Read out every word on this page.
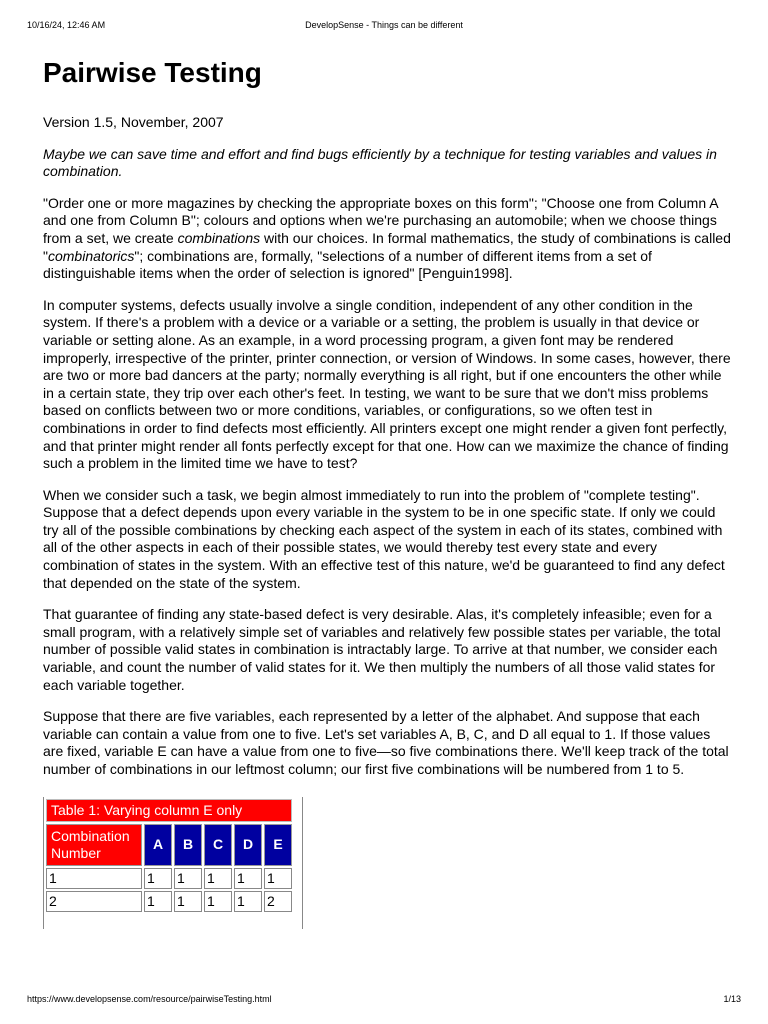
10/16/24, 12:46 AM	DevelopSense - Things can be different
Pairwise Testing

Version 1.5, November, 2007

Maybe we can save time and effort and find bugs efficiently by a technique for testing variables and values in combination.

"Order one or more magazines by checking the appropriate boxes on this form"; "Choose one from Column A and one from Column B"; colours and options when we're purchasing an automobile; when we choose things from a set, we create combinations with our choices. In formal mathematics, the study of combinations is called "combinatorics"; combinations are, formally, "selections of a number of different items from a set of distinguishable items when the order of selection is ignored" [Penguin1998].

In computer systems, defects usually involve a single condition, independent of any other condition in the system. If there's a problem with a device or a variable or a setting, the problem is usually in that device or variable or setting alone. As an example, in a word processing program, a given font may be rendered improperly, irrespective of the printer, printer connection, or version of Windows. In some cases, however, there are two or more bad dancers at the party; normally everything is all right, but if one encounters the other while in a certain state, they trip over each other's feet. In testing, we want to be sure that we don't miss problems based on conflicts between two or more conditions, variables, or configurations, so we often test in combinations in order to find defects most efficiently. All printers except one might render a given font perfectly, and that printer might render all fonts perfectly except for that one. How can we maximize the chance of finding such a problem in the limited time we have to test?

When we consider such a task, we begin almost immediately to run into the problem of "complete testing". Suppose that a defect depends upon every variable in the system to be in one specific state. If only we could try all of the possible combinations by checking each aspect of the system in each of its states, combined with all of the other aspects in each of their possible states, we would thereby test every state and every combination of states in the system. With an effective test of this nature, we'd be guaranteed to find any defect that depended on the state of the system.

That guarantee of finding any state-based defect is very desirable. Alas, it's completely infeasible; even for a small program, with a relatively simple set of variables and relatively few possible states per variable, the total number of possible valid states in combination is intractably large. To arrive at that number, we consider each variable, and count the number of valid states for it. We then multiply the numbers of all those valid states for each variable together.

Suppose that there are five variables, each represented by a letter of the alphabet. And suppose that each variable can contain a value from one to five. Let's set variables A, B, C, and D all equal to 1. If those values are fixed, variable E can have a value from one to five—so five combinations there. We'll keep track of the total number of combinations in our leftmost column; our first five combinations will be numbered from 1 to 5.

Table 1: Varying column E only
Combination Number	A	B	C	D	E
1	1	1	1	1	1
2	1	1	1	1	2
https://www.developsense.com/resource/pairwiseTesting.html	1/13
